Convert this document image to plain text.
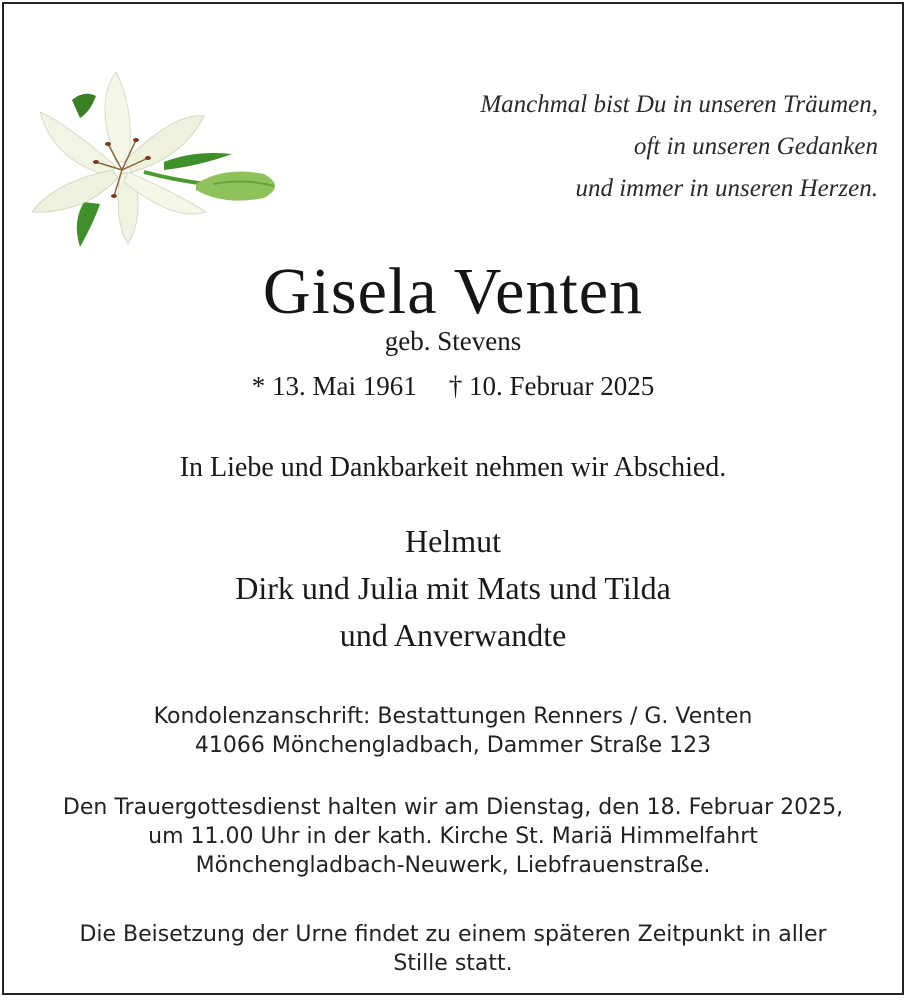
Manchmal bist Du in unseren Träumen,
oft in unseren Gedanken
und immer in unseren Herzen.
Gisela Venten
geb. Stevens
* 13. Mai 1961 † 10. Februar 2025
In Liebe und Dankbarkeit nehmen wir Abschied.
Helmut
Dirk und Julia mit Mats und Tilda
und Anverwandte
Kondolenzanschrift: Bestattungen Renners / G. Venten
41066 Mönchengladbach, Dammer Straße 123
Den Trauergottesdienst halten wir am Dienstag, den 18. Februar 2025,
um 11.00 Uhr in der kath. Kirche St. Mariä Himmelfahrt
Mönchengladbach-Neuwerk, Liebfrauenstraße.
Die Beisetzung der Urne findet zu einem späteren Zeitpunkt in aller
Stille statt.
